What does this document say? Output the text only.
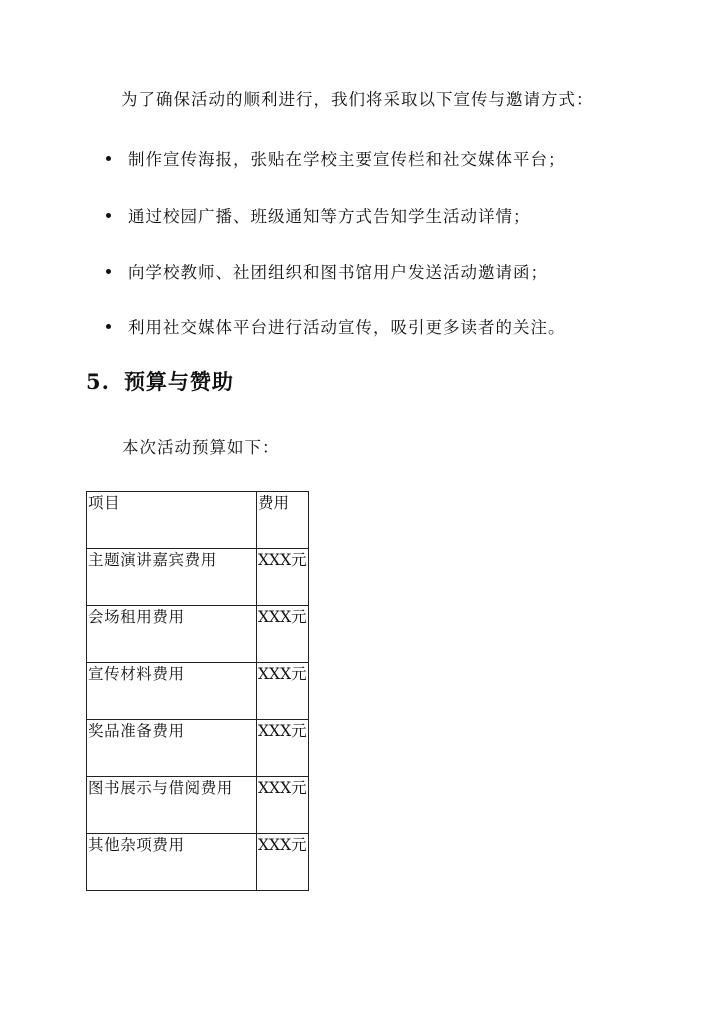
为了确保活动的顺利进行，我们将采取以下宣传与邀请方式：
制作宣传海报，张贴在学校主要宣传栏和社交媒体平台；
通过校园广播、班级通知等方式告知学生活动详情；
向学校教师、社团组织和图书馆用户发送活动邀请函；
利用社交媒体平台进行活动宣传，吸引更多读者的关注。
5. 预算与赞助
本次活动预算如下：
项目	费用

主题演讲嘉宾费用	XXX元

会场租用费用	XXX元

宣传材料费用	XXX元

奖品准备费用	XXX元

图书展示与借阅费用	XXX元

其他杂项费用	XXX元
